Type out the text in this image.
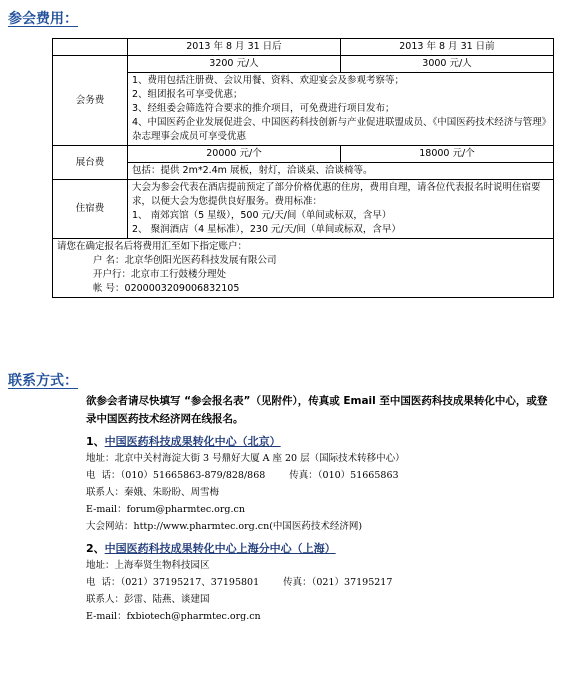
参会费用：
	2013 年 8 月 31 日后	2013 年 8 月 31 日前
会务费	3200 元/人	3000 元/人

	1、费用包括注册费、会议用餐、资料、欢迎宴会及参观考察等；
2、组团报名可享受优惠；
3、经组委会筛选符合要求的推介项目，可免费进行项目发布；
4、中国医药企业发展促进会、中国医药科技创新与产业促进联盟成员、《中国医药技术经济与管理》杂志理事会成员可享受优惠	

展台费	20000 元/个	18000 元/个
	包括：提供 2m*2.4m 展板，射灯，洽谈桌、洽谈椅等。	
住宿费	大会为参会代表在酒店提前预定了部分价格优惠的住房，费用自理，请各位代表报名时说明住宿要求，以便大会为您提供良好服务。费用标准：
1、 南郊宾馆（5 星级），500 元/天/间（单间或标双，含早）
2、 聚润酒店（4 星标准），230 元/天/间（单间或标双，含早）	

请您在确定报名后将费用汇至如下指定账户：
户 名：北京华创阳光医药科技发展有限公司
开户行：北京市工行鼓楼分理处
帐 号：0200003209006832105		
联系方式：
欲参会者请尽快填写 “参会报名表”（见附件），传真或 Email 至中国医药科技成果转化中心，或登录中国医药技术经济网在线报名。
1、中国医药科技成果转化中心（北京）
地址：北京中关村海淀大街 3 号鼎好大厦 A 座 20 层（国际技术转移中心）
电  话：（010）51665863-879/828/868	传真：（010）51665863
联系人：秦娥、朱盼盼、周雪梅
E-mail：forum@pharmtec.org.cn
大会网站：http://www.pharmtec.org.cn(中国医药技术经济网)
2、中国医药科技成果转化中心上海分中心（上海）
地址：上海奉贤生物科技园区
电  话：（021）37195217、37195801	传真：（021）37195217
联系人：彭雷、陆燕、谈建国
E-mail：fxbiotech@pharmtec.org.cn
